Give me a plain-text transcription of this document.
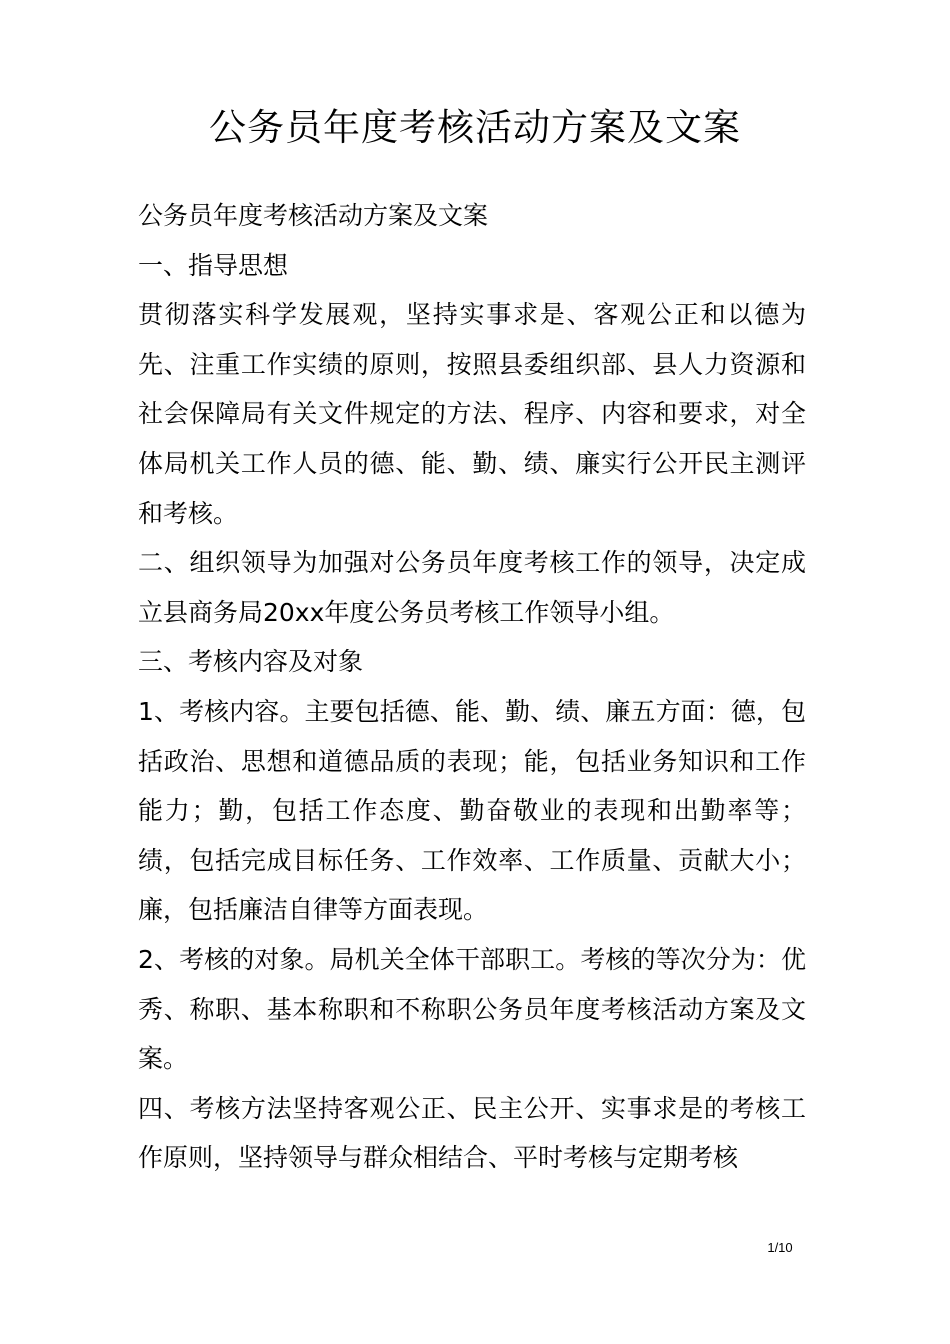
公务员年度考核活动方案及文案

公务员年度考核活动方案及文案

一、指导思想

贯彻落实科学发展观，坚持实事求是、客观公正和以德为先、注重工作实绩的原则，按照县委组织部、县人力资源和社会保障局有关文件规定的方法、程序、内容和要求，对全体局机关工作人员的德、能、勤、绩、廉实行公开民主测评和考核。

二、组织领导为加强对公务员年度考核工作的领导，决定成立县商务局20xx年度公务员考核工作领导小组。

三、考核内容及对象

1、考核内容。主要包括德、能、勤、绩、廉五方面：德，包括政治、思想和道德品质的表现；能，包括业务知识和工作能力；勤，包括工作态度、勤奋敬业的表现和出勤率等；绩，包括完成目标任务、工作效率、工作质量、贡献大小；廉，包括廉洁自律等方面表现。

2、考核的对象。局机关全体干部职工。考核的等次分为：优秀、称职、基本称职和不称职公务员年度考核活动方案及文案。

四、考核方法坚持客观公正、民主公开、实事求是的考核工作原则，坚持领导与群众相结合、平时考核与定期考核

1/10
